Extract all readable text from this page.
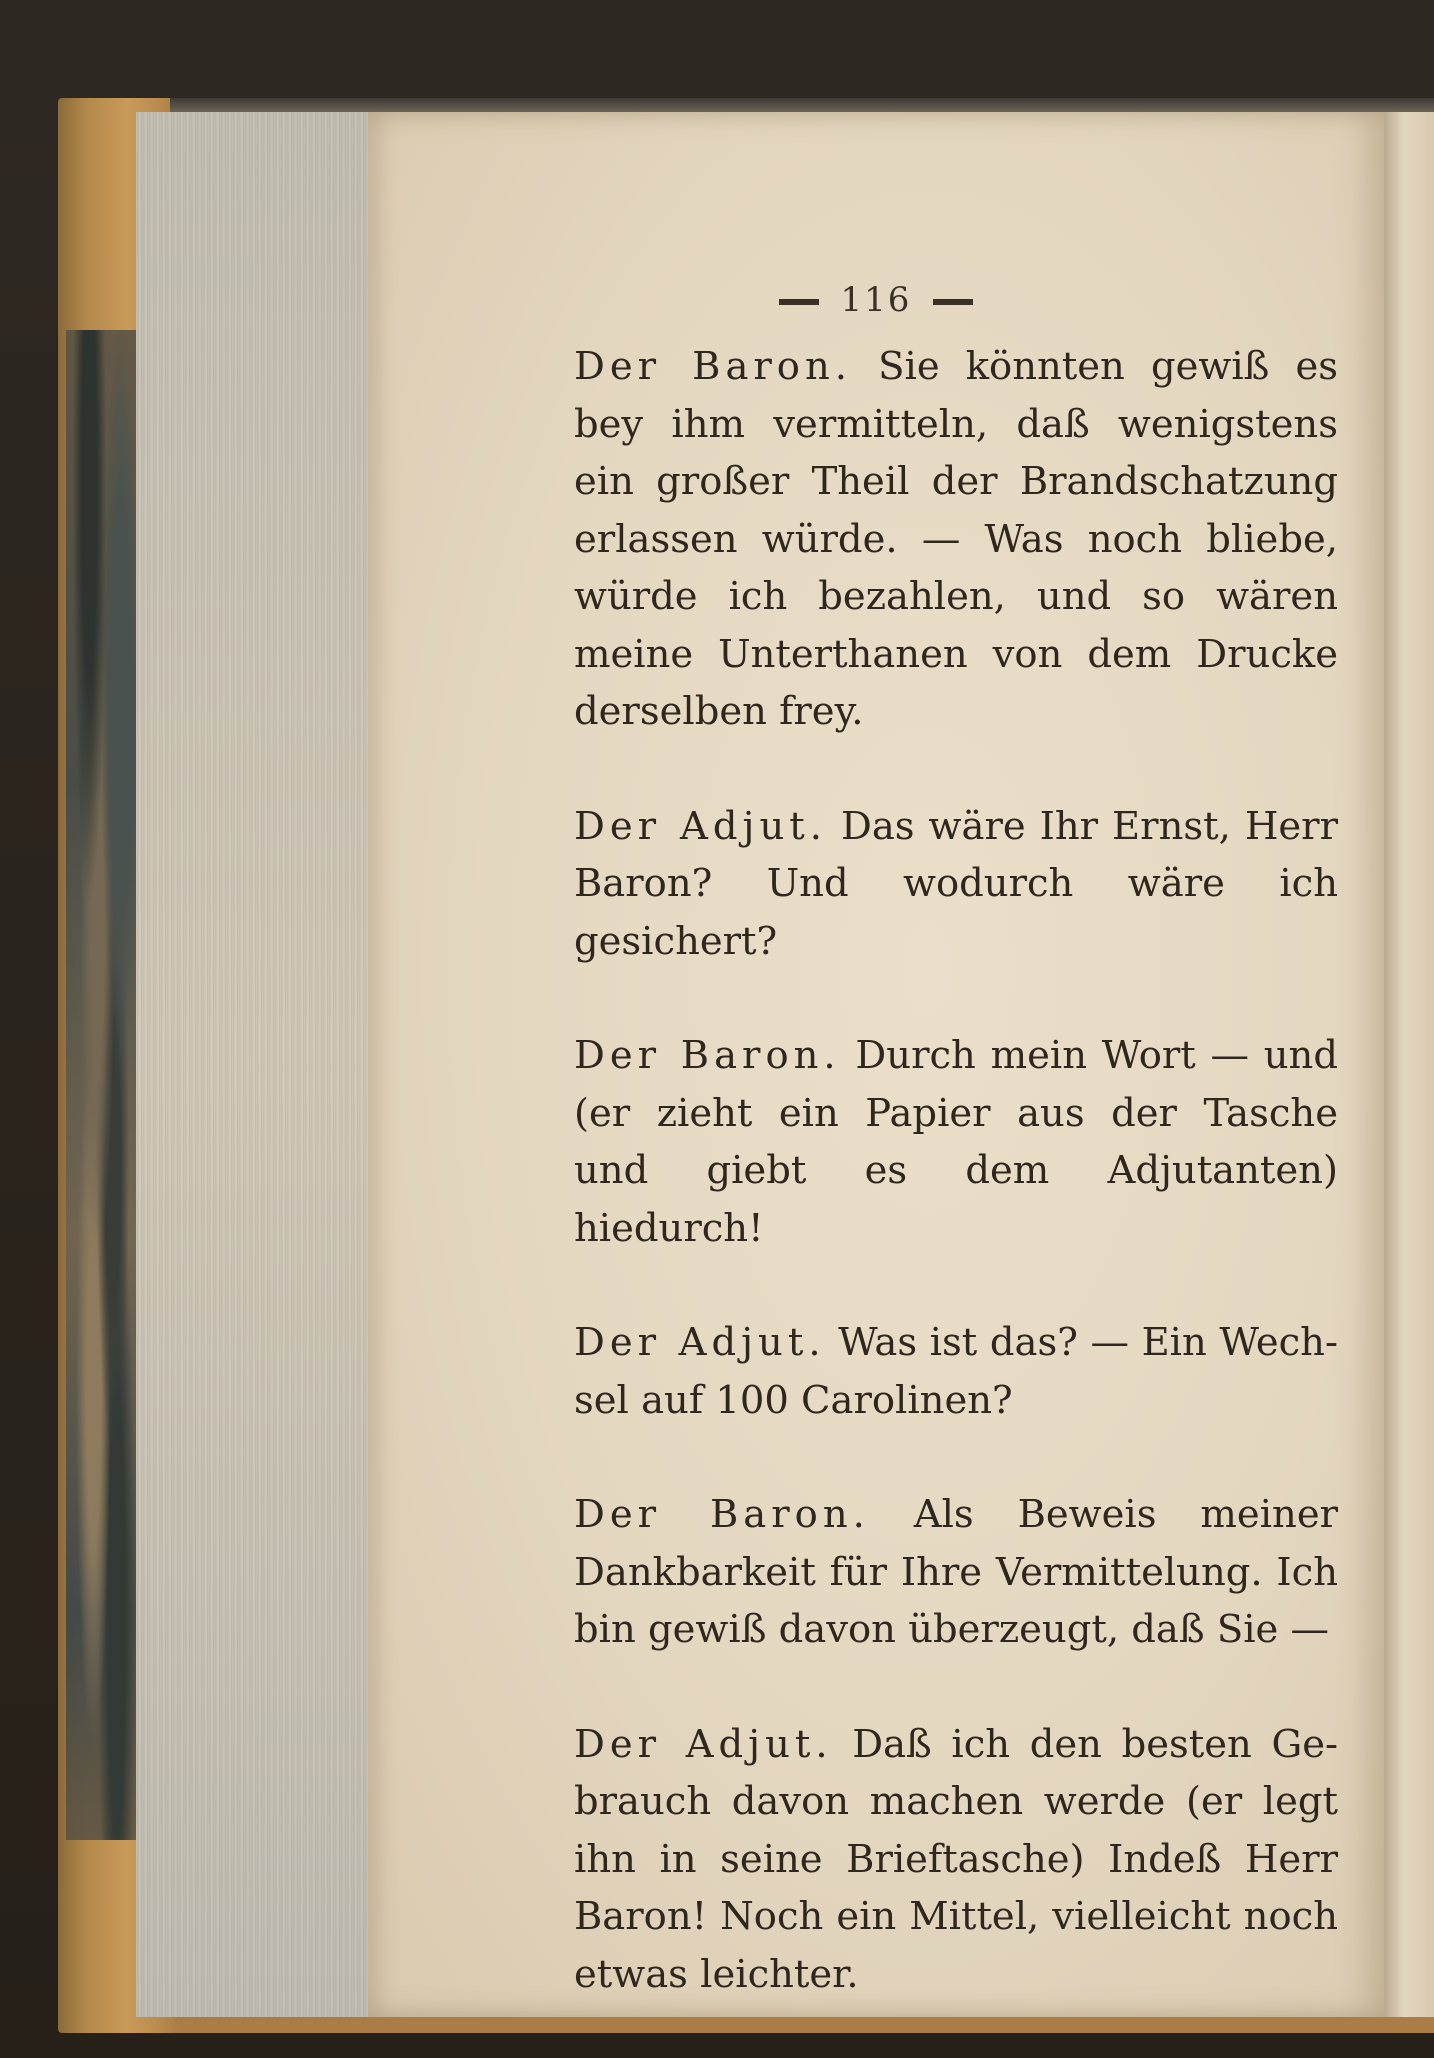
116

Der Baron. Sie könnten gewiß es bey ihm vermitteln, daß wenigstens ein großer Theil der Brandschatzung erlassen würde. — Was noch bliebe, würde ich bezahlen, und so wären meine Unterthanen von dem Drucke derselben frey.

Der Adjut. Das wäre Ihr Ernst, Herr Baron? Und wodurch wäre ich gesichert?

Der Baron. Durch mein Wort — und (er zieht ein Papier aus der Tasche und giebt es dem Adjutanten) hiedurch!

Der Adjut. Was ist das? — Ein Wechsel auf 100 Carolinen?

Der Baron. Als Beweis meiner Dankbarkeit für Ihre Vermittelung. Ich bin gewiß davon überzeugt, daß Sie —

Der Adjut. Daß ich den besten Gebrauch davon machen werde (er legt ihn in seine Brieftasche) Indeß Herr Baron! Noch ein Mittel, vielleicht noch etwas leichter.
